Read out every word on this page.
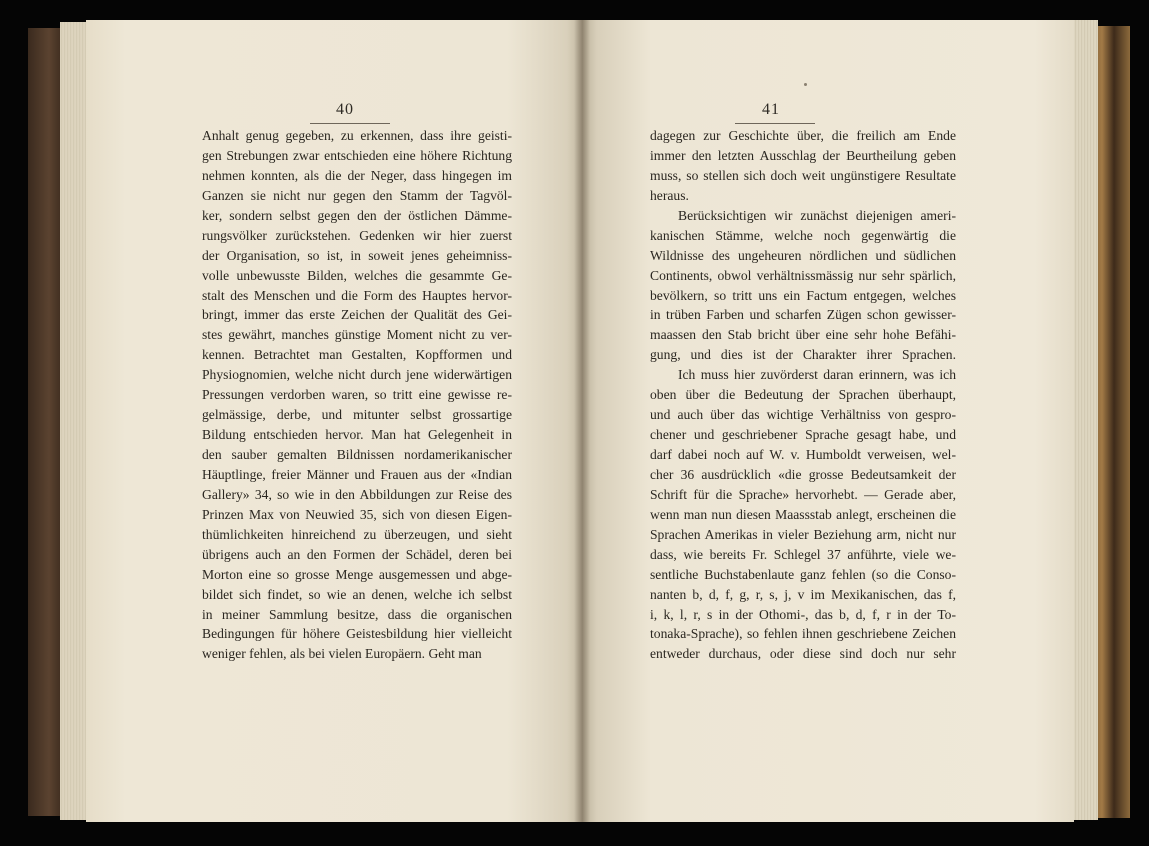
40	41
Anhalt genug gegeben, zu erkennen, dass ihre geisti-
gen Strebungen zwar entschieden eine höhere Richtung
nehmen konnten, als die der Neger, dass hingegen im
Ganzen sie nicht nur gegen den Stamm der Tagvöl-
ker, sondern selbst gegen den der östlichen Dämme-
rungsvölker zurückstehen. Gedenken wir hier zuerst
der Organisation, so ist, in soweit jenes geheimniss-
volle unbewusste Bilden, welches die gesammte Ge-
stalt des Menschen und die Form des Hauptes hervor-
bringt, immer das erste Zeichen der Qualität des Gei-
stes gewährt, manches günstige Moment nicht zu ver-
kennen. Betrachtet man Gestalten, Kopfformen und
Physiognomien, welche nicht durch jene widerwärtigen
Pressungen verdorben waren, so tritt eine gewisse re-
gelmässige, derbe, und mitunter selbst grossartige
Bildung entschieden hervor. Man hat Gelegenheit in
den sauber gemalten Bildnissen nordamerikanischer
Häuptlinge, freier Männer und Frauen aus der «Indian
Gallery» 34, so wie in den Abbildungen zur Reise des
Prinzen Max von Neuwied 35, sich von diesen Eigen-
thümlichkeiten hinreichend zu überzeugen, und sieht
übrigens auch an den Formen der Schädel, deren bei
Morton eine so grosse Menge ausgemessen und abge-
bildet sich findet, so wie an denen, welche ich selbst
in meiner Sammlung besitze, dass die organischen
Bedingungen für höhere Geistesbildung hier vielleicht
weniger fehlen, als bei vielen Europäern. Geht man
dagegen zur Geschichte über, die freilich am Ende
immer den letzten Ausschlag der Beurtheilung geben
muss, so stellen sich doch weit ungünstigere Resultate
heraus.
Berücksichtigen wir zunächst diejenigen ameri-
kanischen Stämme, welche noch gegenwärtig die
Wildnisse des ungeheuren nördlichen und südlichen
Continents, obwol verhältnissmässig nur sehr spärlich,
bevölkern, so tritt uns ein Factum entgegen, welches
in trüben Farben und scharfen Zügen schon gewisser-
maassen den Stab bricht über eine sehr hohe Befähi-
gung, und dies ist der Charakter ihrer Sprachen.
Ich muss hier zuvörderst daran erinnern, was ich
oben über die Bedeutung der Sprachen überhaupt,
und auch über das wichtige Verhältniss von gespro-
chener und geschriebener Sprache gesagt habe, und
darf dabei noch auf W. v. Humboldt verweisen, wel-
cher 36 ausdrücklich «die grosse Bedeutsamkeit der
Schrift für die Sprache» hervorhebt. — Gerade aber,
wenn man nun diesen Maassstab anlegt, erscheinen die
Sprachen Amerikas in vieler Beziehung arm, nicht nur
dass, wie bereits Fr. Schlegel 37 anführte, viele we-
sentliche Buchstabenlaute ganz fehlen (so die Conso-
nanten b, d, f, g, r, s, j, v im Mexikanischen, das f,
i, k, l, r, s in der Othomi-, das b, d, f, r in der To-
tonaka-Sprache), so fehlen ihnen geschriebene Zeichen
entweder durchaus, oder diese sind doch nur sehr
